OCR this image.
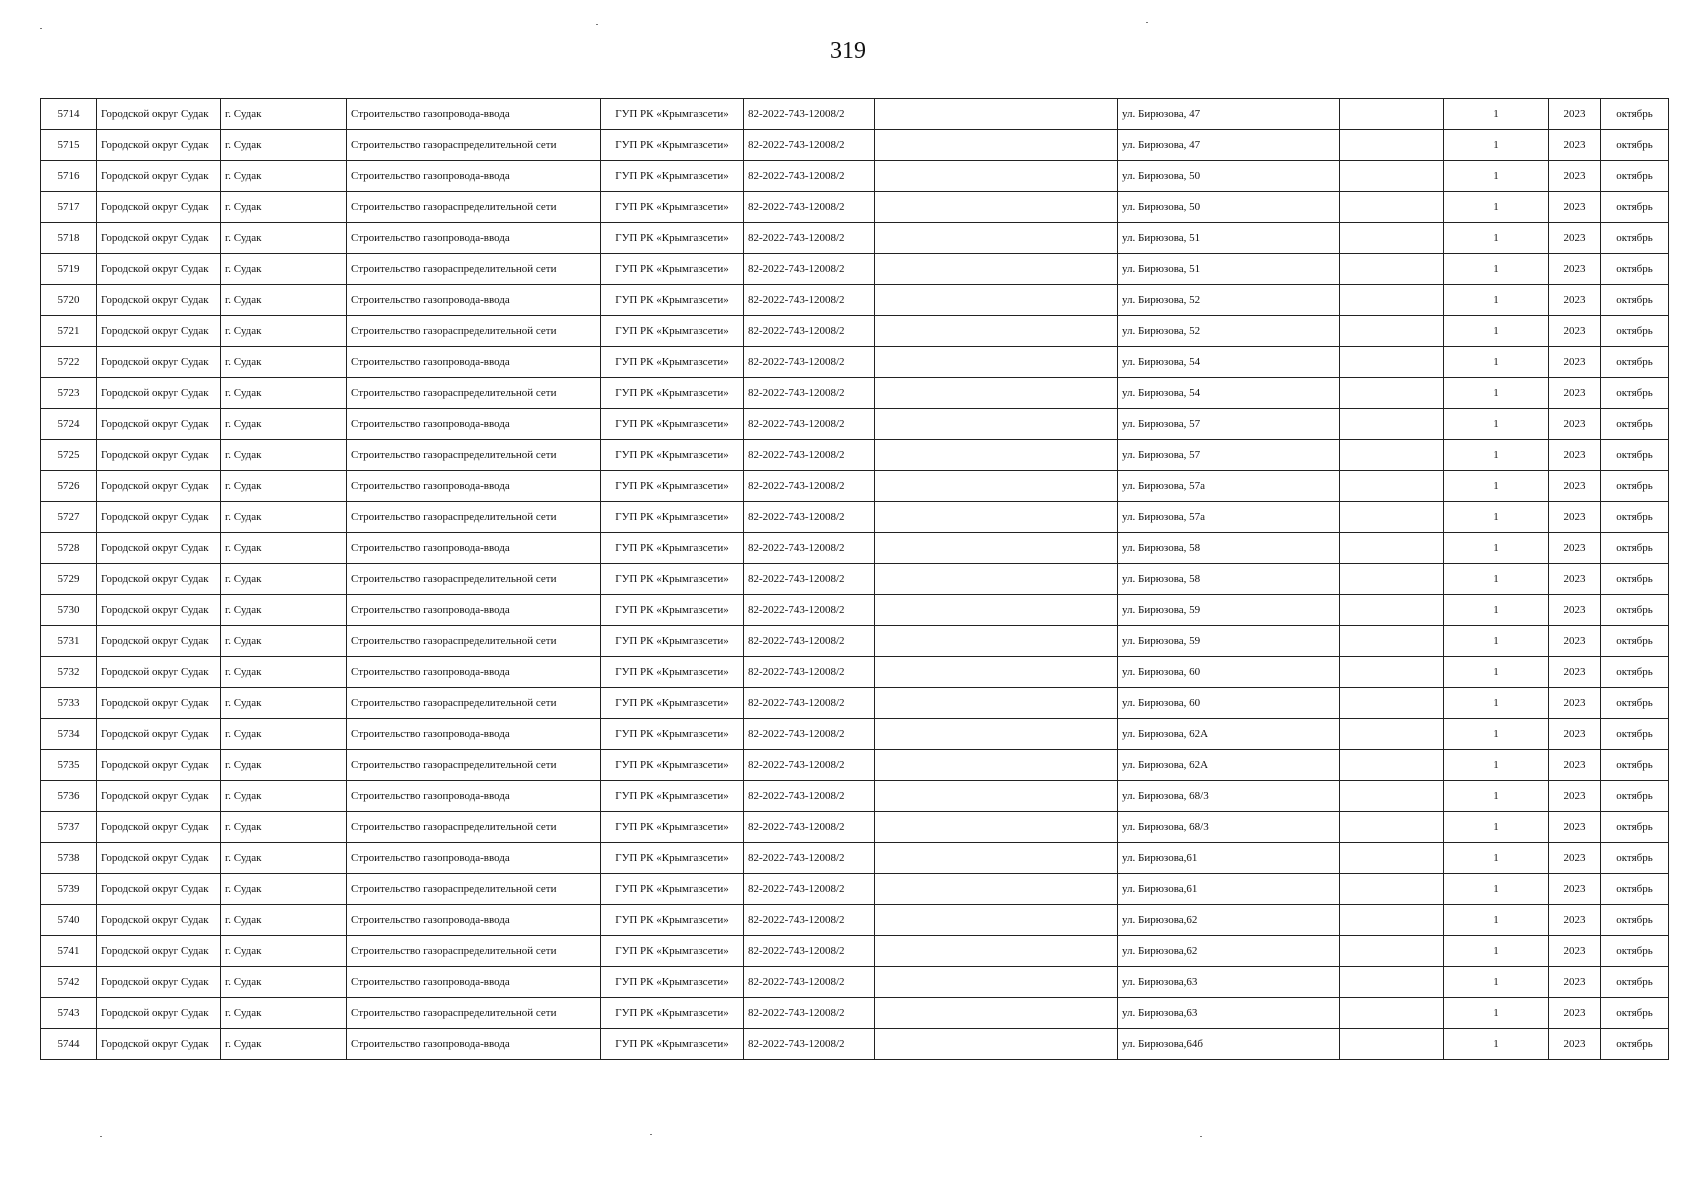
319
5714	Городской округ Судак	г. Судак	Строительство газопровода-ввода	ГУП РК «Крымгазсети»	82-2022-743-12008/2		ул. Бирюзова, 47		1	2023	октябрь
5715	Городской округ Судак	г. Судак	Строительство газораспределительной сети	ГУП РК «Крымгазсети»	82-2022-743-12008/2		ул. Бирюзова, 47		1	2023	октябрь
5716	Городской округ Судак	г. Судак	Строительство газопровода-ввода	ГУП РК «Крымгазсети»	82-2022-743-12008/2		ул. Бирюзова, 50		1	2023	октябрь
5717	Городской округ Судак	г. Судак	Строительство газораспределительной сети	ГУП РК «Крымгазсети»	82-2022-743-12008/2		ул. Бирюзова, 50		1	2023	октябрь
5718	Городской округ Судак	г. Судак	Строительство газопровода-ввода	ГУП РК «Крымгазсети»	82-2022-743-12008/2		ул. Бирюзова, 51		1	2023	октябрь
5719	Городской округ Судак	г. Судак	Строительство газораспределительной сети	ГУП РК «Крымгазсети»	82-2022-743-12008/2		ул. Бирюзова, 51		1	2023	октябрь
5720	Городской округ Судак	г. Судак	Строительство газопровода-ввода	ГУП РК «Крымгазсети»	82-2022-743-12008/2		ул. Бирюзова, 52		1	2023	октябрь
5721	Городской округ Судак	г. Судак	Строительство газораспределительной сети	ГУП РК «Крымгазсети»	82-2022-743-12008/2		ул. Бирюзова, 52		1	2023	октябрь
5722	Городской округ Судак	г. Судак	Строительство газопровода-ввода	ГУП РК «Крымгазсети»	82-2022-743-12008/2		ул. Бирюзова, 54		1	2023	октябрь
5723	Городской округ Судак	г. Судак	Строительство газораспределительной сети	ГУП РК «Крымгазсети»	82-2022-743-12008/2		ул. Бирюзова, 54		1	2023	октябрь
5724	Городской округ Судак	г. Судак	Строительство газопровода-ввода	ГУП РК «Крымгазсети»	82-2022-743-12008/2		ул. Бирюзова, 57		1	2023	октябрь
5725	Городской округ Судак	г. Судак	Строительство газораспределительной сети	ГУП РК «Крымгазсети»	82-2022-743-12008/2		ул. Бирюзова, 57		1	2023	октябрь
5726	Городской округ Судак	г. Судак	Строительство газопровода-ввода	ГУП РК «Крымгазсети»	82-2022-743-12008/2		ул. Бирюзова, 57а		1	2023	октябрь
5727	Городской округ Судак	г. Судак	Строительство газораспределительной сети	ГУП РК «Крымгазсети»	82-2022-743-12008/2		ул. Бирюзова, 57а		1	2023	октябрь
5728	Городской округ Судак	г. Судак	Строительство газопровода-ввода	ГУП РК «Крымгазсети»	82-2022-743-12008/2		ул. Бирюзова, 58		1	2023	октябрь
5729	Городской округ Судак	г. Судак	Строительство газораспределительной сети	ГУП РК «Крымгазсети»	82-2022-743-12008/2		ул. Бирюзова, 58		1	2023	октябрь
5730	Городской округ Судак	г. Судак	Строительство газопровода-ввода	ГУП РК «Крымгазсети»	82-2022-743-12008/2		ул. Бирюзова, 59		1	2023	октябрь
5731	Городской округ Судак	г. Судак	Строительство газораспределительной сети	ГУП РК «Крымгазсети»	82-2022-743-12008/2		ул. Бирюзова, 59		1	2023	октябрь
5732	Городской округ Судак	г. Судак	Строительство газопровода-ввода	ГУП РК «Крымгазсети»	82-2022-743-12008/2		ул. Бирюзова, 60		1	2023	октябрь
5733	Городской округ Судак	г. Судак	Строительство газораспределительной сети	ГУП РК «Крымгазсети»	82-2022-743-12008/2		ул. Бирюзова, 60		1	2023	октябрь
5734	Городской округ Судак	г. Судак	Строительство газопровода-ввода	ГУП РК «Крымгазсети»	82-2022-743-12008/2		ул. Бирюзова, 62А		1	2023	октябрь
5735	Городской округ Судак	г. Судак	Строительство газораспределительной сети	ГУП РК «Крымгазсети»	82-2022-743-12008/2		ул. Бирюзова, 62А		1	2023	октябрь
5736	Городской округ Судак	г. Судак	Строительство газопровода-ввода	ГУП РК «Крымгазсети»	82-2022-743-12008/2		ул. Бирюзова, 68/3		1	2023	октябрь
5737	Городской округ Судак	г. Судак	Строительство газораспределительной сети	ГУП РК «Крымгазсети»	82-2022-743-12008/2		ул. Бирюзова, 68/3		1	2023	октябрь
5738	Городской округ Судак	г. Судак	Строительство газопровода-ввода	ГУП РК «Крымгазсети»	82-2022-743-12008/2		ул. Бирюзова,61		1	2023	октябрь
5739	Городской округ Судак	г. Судак	Строительство газораспределительной сети	ГУП РК «Крымгазсети»	82-2022-743-12008/2		ул. Бирюзова,61		1	2023	октябрь
5740	Городской округ Судак	г. Судак	Строительство газопровода-ввода	ГУП РК «Крымгазсети»	82-2022-743-12008/2		ул. Бирюзова,62		1	2023	октябрь
5741	Городской округ Судак	г. Судак	Строительство газораспределительной сети	ГУП РК «Крымгазсети»	82-2022-743-12008/2		ул. Бирюзова,62		1	2023	октябрь
5742	Городской округ Судак	г. Судак	Строительство газопровода-ввода	ГУП РК «Крымгазсети»	82-2022-743-12008/2		ул. Бирюзова,63		1	2023	октябрь
5743	Городской округ Судак	г. Судак	Строительство газораспределительной сети	ГУП РК «Крымгазсети»	82-2022-743-12008/2		ул. Бирюзова,63		1	2023	октябрь
5744	Городской округ Судак	г. Судак	Строительство газопровода-ввода	ГУП РК «Крымгазсети»	82-2022-743-12008/2		ул. Бирюзова,64б		1	2023	октябрь
